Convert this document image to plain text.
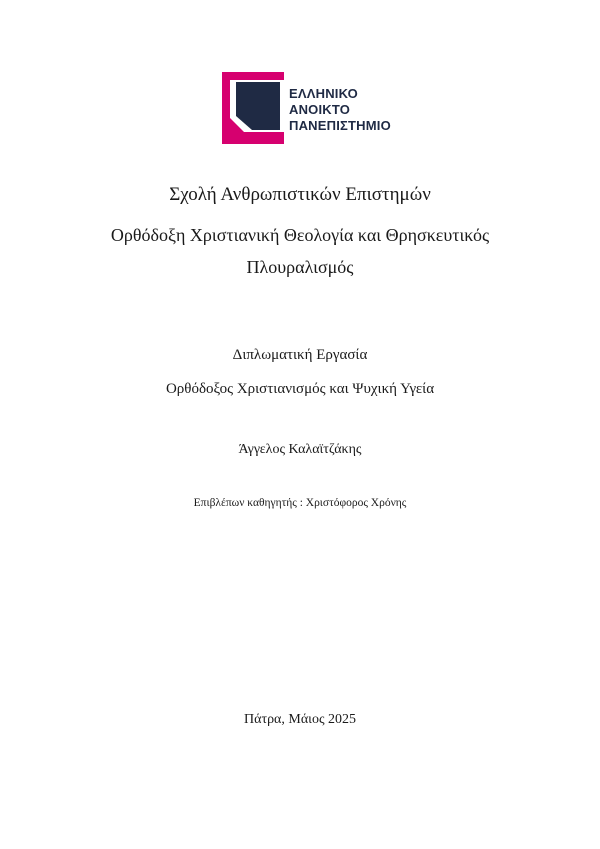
ΕΛΛΗΝΙΚΟ
ΑΝΟΙΚΤΟ
ΠΑΝΕΠΙΣΤΗΜΙΟ
Σχολή Ανθρωπιστικών Επιστημών
Ορθόδοξη Χριστιανική Θεολογία και Θρησκευτικός
Πλουραλισμός
Διπλωματική Εργασία
Ορθόδοξος Χριστιανισμός και Ψυχική Υγεία
Άγγελος Καλαϊτζάκης
Επιβλέπων καθηγητής : Χριστόφορος Χρόνης
Πάτρα, Μάιος 2025
